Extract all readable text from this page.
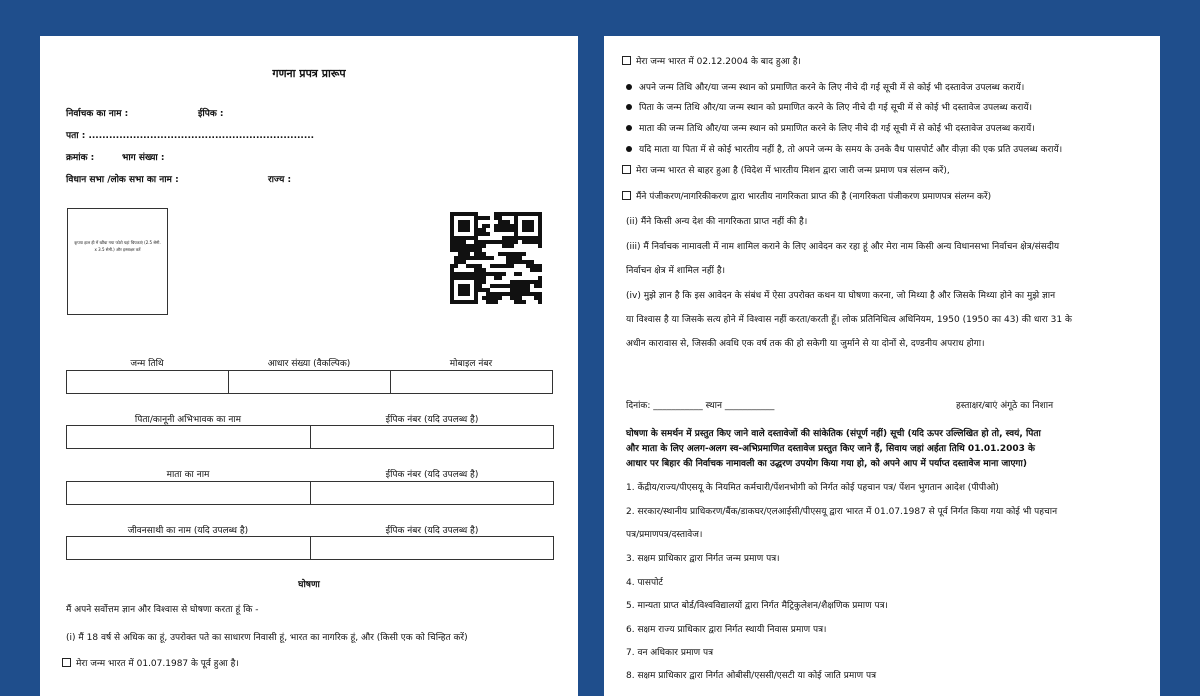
गणना प्रपत्र प्रारूप
निर्वाचक का नाम :	ईपिक :
पता : ..................................................................
क्रमांक :	भाग संख्या :
विधान सभा /लोक सभा का नाम :	राज्य :
कृपया हाल ही में खींचा गया फोटो यहां चिपकाएं (2.5 सेमी. x 3.5 सेमी.) और हस्ताक्षर करें
जन्म तिथि	आधार संख्या (वैकल्पिक)	मोबाइल नंबर
पिता/कानूनी अभिभावक का नाम	ईपिक नंबर (यदि उपलब्ध है)
माता का नाम	ईपिक नंबर (यदि उपलब्ध है)
जीवनसाथी का नाम (यदि उपलब्ध है)	ईपिक नंबर (यदि उपलब्ध है)
घोषणा
मैं अपने सर्वोत्तम ज्ञान और विश्वास से घोषणा करता हूं कि -
(i) मैं 18 वर्ष से अधिक का हूं, उपरोक्त पते का साधारण निवासी हूं, भारत का नागरिक हूं, और (किसी एक को चिन्हित करें)
मेरा जन्म भारत में 01.07.1987 के पूर्व हुआ है।
मेरा जन्म भारत में 02.12.2004 के बाद हुआ है।
अपने जन्म तिथि और/या जन्म स्थान को प्रमाणित करने के लिए नीचे दी गई सूची में से कोई भी दस्तावेज उपलब्ध करायें।
पिता के जन्म तिथि और/या जन्म स्थान को प्रमाणित करने के लिए नीचे दी गई सूची में से कोई भी दस्तावेज उपलब्ध करायें।
माता की जन्म तिथि और/या जन्म स्थान को प्रमाणित करने के लिए नीचे दी गई सूची में से कोई भी दस्तावेज उपलब्ध करायें।
यदि माता या पिता में से कोई भारतीय नहीं है, तो अपने जन्म के समय के उनके वैध पासपोर्ट और वीज़ा की एक प्रति उपलब्ध करायें।
मेरा जन्म भारत से बाहर हुआ है (विदेश में भारतीय मिशन द्वारा जारी जन्म प्रमाण पत्र संलग्न करें),
मैंने पंजीकरण/नागरिकीकरण द्वारा भारतीय नागरिकता प्राप्त की है (नागरिकता पंजीकरण प्रमाणपत्र संलग्न करें)
(ii) मैंने किसी अन्य देश की नागरिकता प्राप्त नहीं की है।
(iii) मैं निर्वाचक नामावली में नाम शामिल कराने के लिए आवेदन कर रहा हूं और मेरा नाम किसी अन्य विधानसभा निर्वाचन क्षेत्र/संसदीय
निर्वाचन क्षेत्र में शामिल नहीं है।
(iv) मुझे ज्ञान है कि इस आवेदन के संबंध में ऐसा उपरोक्त कथन या घोषणा करना, जो मिथ्या है और जिसके मिथ्या होने का मुझे ज्ञान
या विश्वास है या जिसके सत्य होने में विश्वास नहीं करता/करती हूँ। लोक प्रतिनिधित्व अधिनियम, 1950 (1950 का 43) की धारा 31 के
अधीन कारावास से, जिसकी अवधि एक वर्ष तक की हो सकेगी या जुर्माने से या दोनों से, दण्डनीय अपराध होगा।
दिनांक: ___________ स्थान ___________	हस्ताक्षर/बाएं अंगूठे का निशान
घोषणा के समर्थन में प्रस्तुत किए जाने वाले दस्तावेजों की सांकेतिक (संपूर्ण नहीं) सूची (यदि ऊपर उल्लिखित हो तो, स्वयं, पिता
और माता के लिए अलग-अलग स्व-अभिप्रमाणित दस्तावेज प्रस्तुत किए जाने हैं, सिवाय जहां अर्हता तिथि 01.01.2003 के
आधार पर बिहार की निर्वाचक नामावली का उद्धरण उपयोग किया गया हो, को अपने आप में पर्याप्त दस्तावेज माना जाएगा)
1. केंद्रीय/राज्य/पीएसयू के नियमित कर्मचारी/पेंशनभोगी को निर्गत कोई पहचान पत्र/ पेंशन भुगतान आदेश (पीपीओ)
2. सरकार/स्थानीय प्राधिकरण/बैंक/डाकघर/एलआईसी/पीएसयू द्वारा भारत में 01.07.1987 से पूर्व निर्गत किया गया कोई भी पहचान
पत्र/प्रमाणपत्र/दस्तावेज।
3. सक्षम प्राधिकार द्वारा निर्गत जन्म प्रमाण पत्र।
4. पासपोर्ट
5. मान्यता प्राप्त बोर्ड/विश्वविद्यालयों द्वारा निर्गत मैट्रिकुलेशन/शैक्षणिक प्रमाण पत्र।
6. सक्षम राज्य प्राधिकार द्वारा निर्गत स्थायी निवास प्रमाण पत्र।
7. वन अधिकार प्रमाण पत्र
8. सक्षम प्राधिकार द्वारा निर्गत ओबीसी/एससी/एसटी या कोई जाति प्रमाण पत्र
